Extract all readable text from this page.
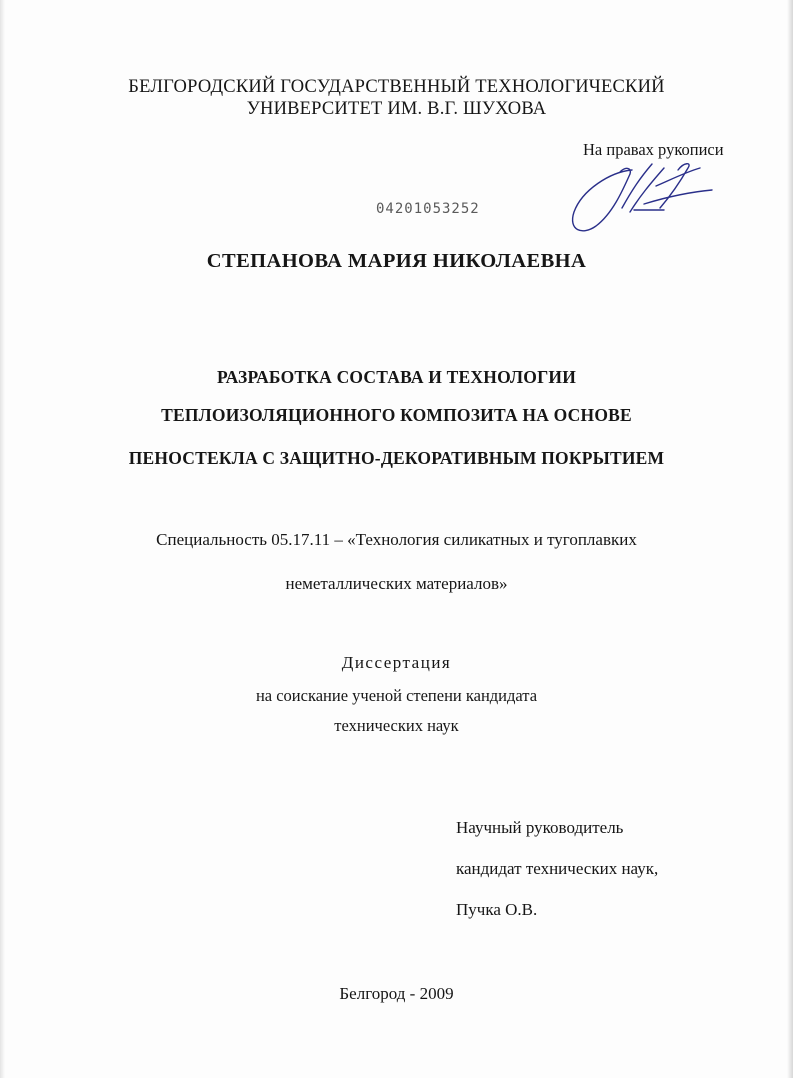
БЕЛГОРОДСКИЙ ГОСУДАРСТВЕННЫЙ ТЕХНОЛОГИЧЕСКИЙ
УНИВЕРСИТЕТ ИМ. В.Г. ШУХОВА
На правах рукописи
04201053252
СТЕПАНОВА МАРИЯ НИКОЛАЕВНА
РАЗРАБОТКА СОСТАВА И ТЕХНОЛОГИИ
ТЕПЛОИЗОЛЯЦИОННОГО КОМПОЗИТА НА ОСНОВЕ
ПЕНОСТЕКЛА С ЗАЩИТНО-ДЕКОРАТИВНЫМ ПОКРЫТИЕМ
Специальность 05.17.11 – «Технология силикатных и тугоплавких
неметаллических материалов»
Диссертация
на соискание ученой степени кандидата
технических наук
Научный руководитель
кандидат технических наук,
Пучка О.В.
Белгород - 2009
